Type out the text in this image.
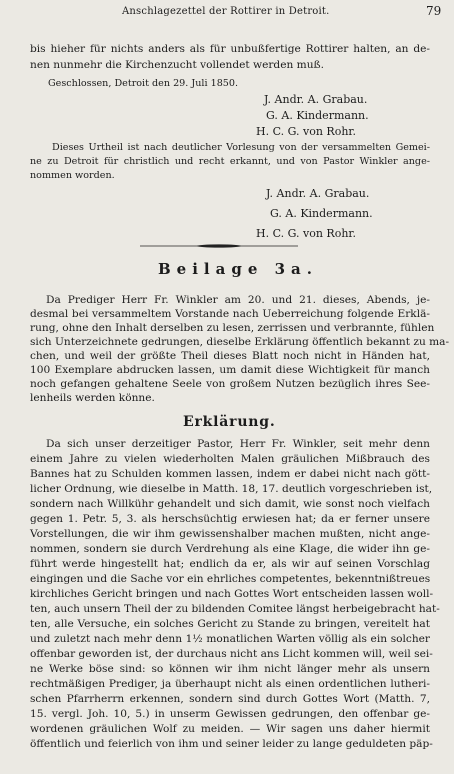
Anschlagezettel der Rottirer in Detroit.	79
bis hieher für nichts anders als für unbußfertige Rottirer halten, an de-
nen nunmehr die Kirchenzucht vollendet werden muß.
Geschlossen, Detroit den 29. Juli 1850.
J. Andr. A. Grabau.
G. A. Kindermann.
H. C. G. von Rohr.
Dieses Urtheil ist nach deutlicher Vorlesung von der versammelten Gemei-
ne zu Detroit für christlich und recht erkannt, und von Pastor Winkler ange-
nommen worden.
J. Andr. A. Grabau.
G. A. Kindermann.
H. C. G. von Rohr.
Beilage 3a.
Da Prediger Herr Fr. Winkler am 20. und 21. dieses, Abends, je-
desmal bei versammeltem Vorstande nach Ueberreichung folgende Erklä-
rung, ohne den Inhalt derselben zu lesen, zerrissen und verbrannte, fühlen
sich Unterzeichnete gedrungen, dieselbe Erklärung öffentlich bekannt zu ma-
chen, und weil der größte Theil dieses Blatt noch nicht in Händen hat,
100 Exemplare abdrucken lassen, um damit diese Wichtigkeit für manch
noch gefangen gehaltene Seele von großem Nutzen bezüglich ihres See-
lenheils werden könne.
Erklärung.
Da sich unser derzeitiger Pastor, Herr Fr. Winkler, seit mehr denn
einem Jahre zu vielen wiederholten Malen gräulichen Mißbrauch des
Bannes hat zu Schulden kommen lassen, indem er dabei nicht nach gött-
licher Ordnung, wie dieselbe in Matth. 18, 17. deutlich vorgeschrieben ist,
sondern nach Willkühr gehandelt und sich damit, wie sonst noch vielfach
gegen 1. Petr. 5, 3. als herschsüchtig erwiesen hat; da er ferner unsere
Vorstellungen, die wir ihm gewissenshalber machen mußten, nicht ange-
nommen, sondern sie durch Verdrehung als eine Klage, die wider ihn ge-
führt werde hingestellt hat; endlich da er, als wir auf seinen Vorschlag
eingingen und die Sache vor ein ehrliches competentes, bekenntnißtreues
kirchliches Gericht bringen und nach Gottes Wort entscheiden lassen woll-
ten, auch unsern Theil der zu bildenden Comitee längst herbeigebracht hat-
ten, alle Versuche, ein solches Gericht zu Stande zu bringen, vereitelt hat
und zuletzt nach mehr denn 1½ monatlichen Warten völlig als ein solcher
offenbar geworden ist, der durchaus nicht ans Licht kommen will, weil sei-
ne Werke böse sind: so können wir ihm nicht länger mehr als unsern
rechtmäßigen Prediger, ja überhaupt nicht als einen ordentlichen lutheri-
schen Pfarrherrn erkennen, sondern sind durch Gottes Wort (Matth. 7,
15. vergl. Joh. 10, 5.) in unserm Gewissen gedrungen, den offenbar ge-
wordenen gräulichen Wolf zu meiden. — Wir sagen uns daher hiermit
öffentlich und feierlich von ihm und seiner leider zu lange geduldeten päp-
